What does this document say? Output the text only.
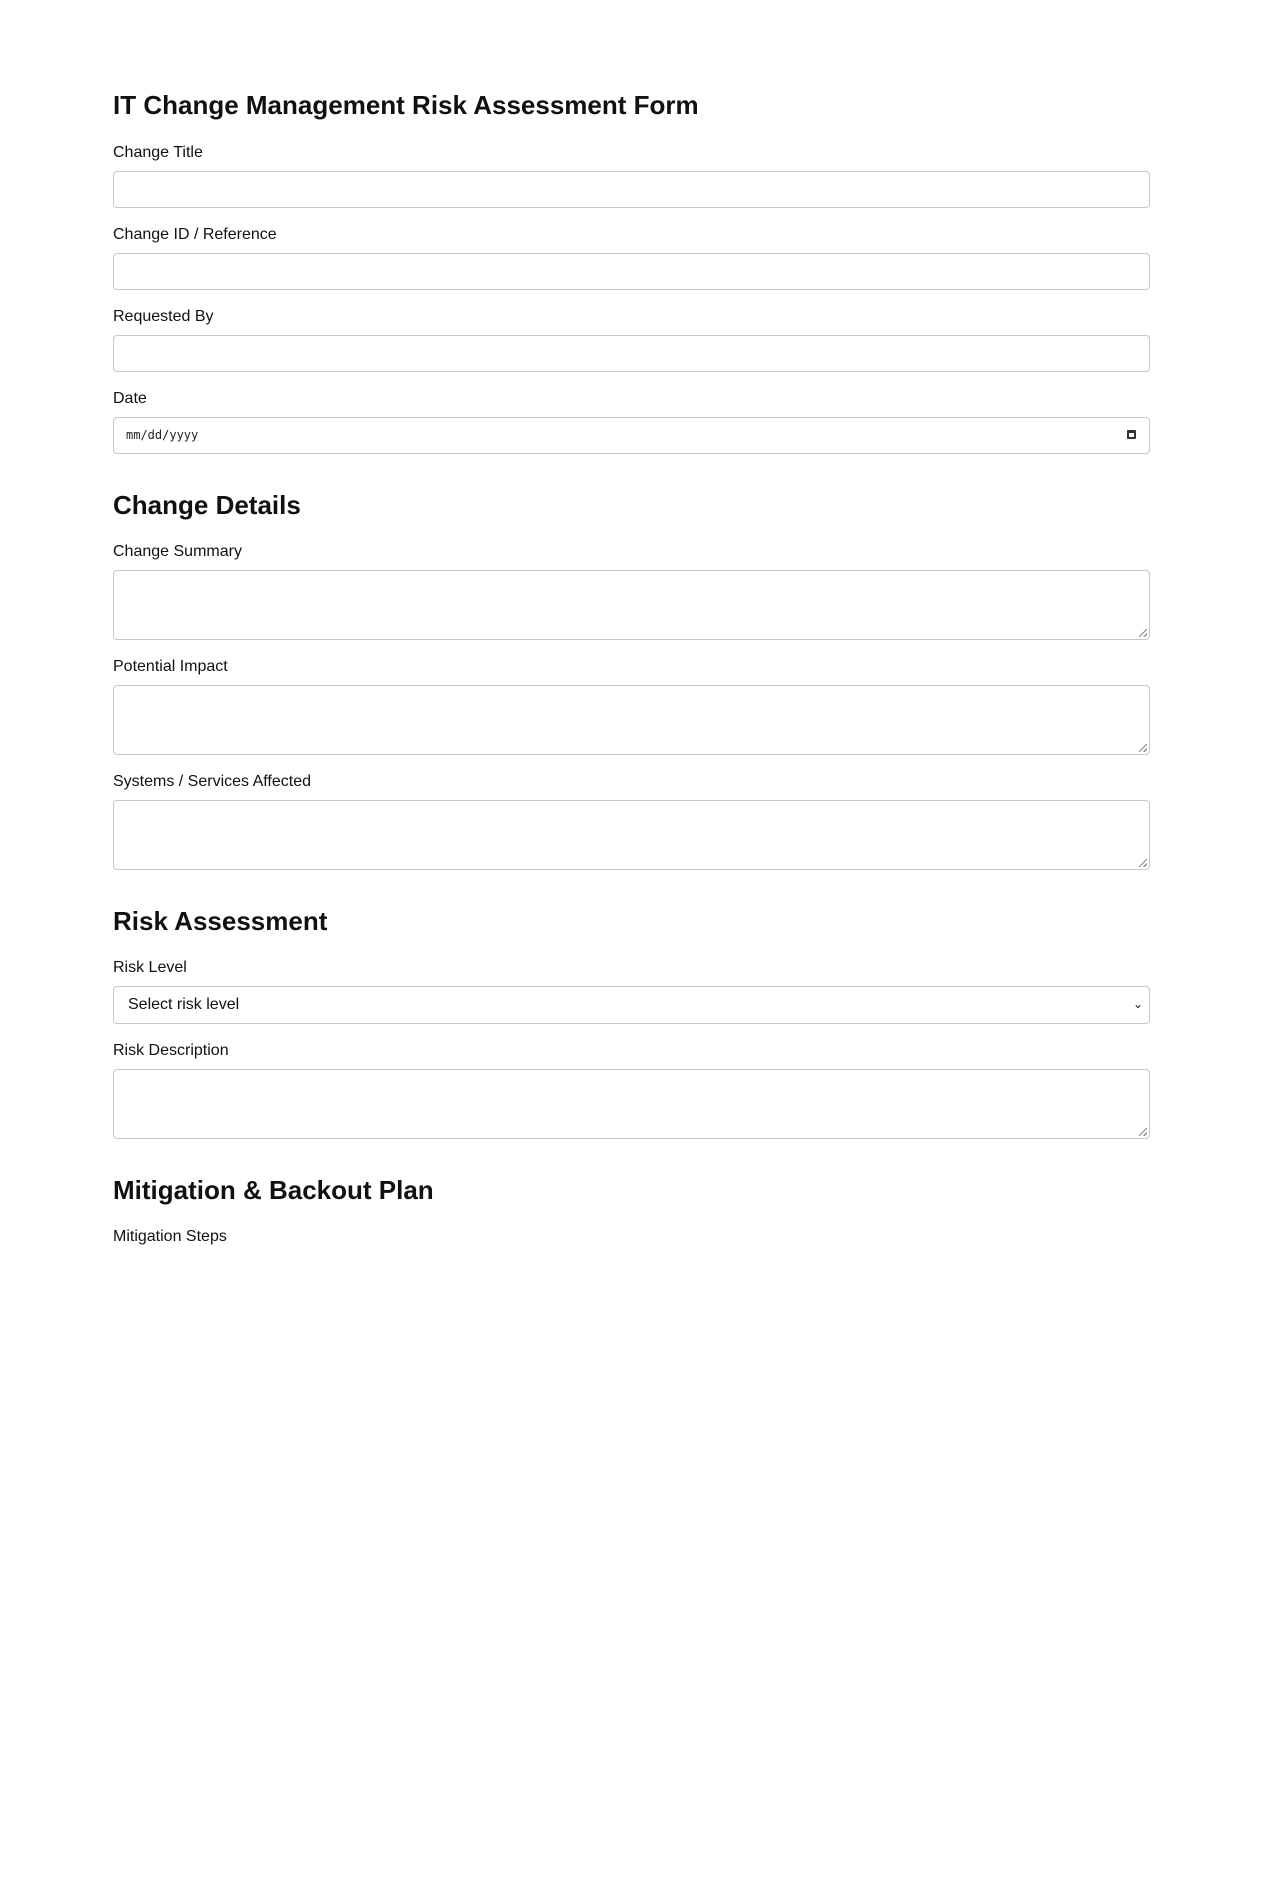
IT Change Management Risk Assessment Form
Change Title
Change ID / Reference
Requested By
Date
mm/dd/yyyy
Change Details
Change Summary
Potential Impact
Systems / Services Affected
Risk Assessment
Risk Level
Select risk level	⌄
Risk Description
Mitigation & Backout Plan
Mitigation Steps
